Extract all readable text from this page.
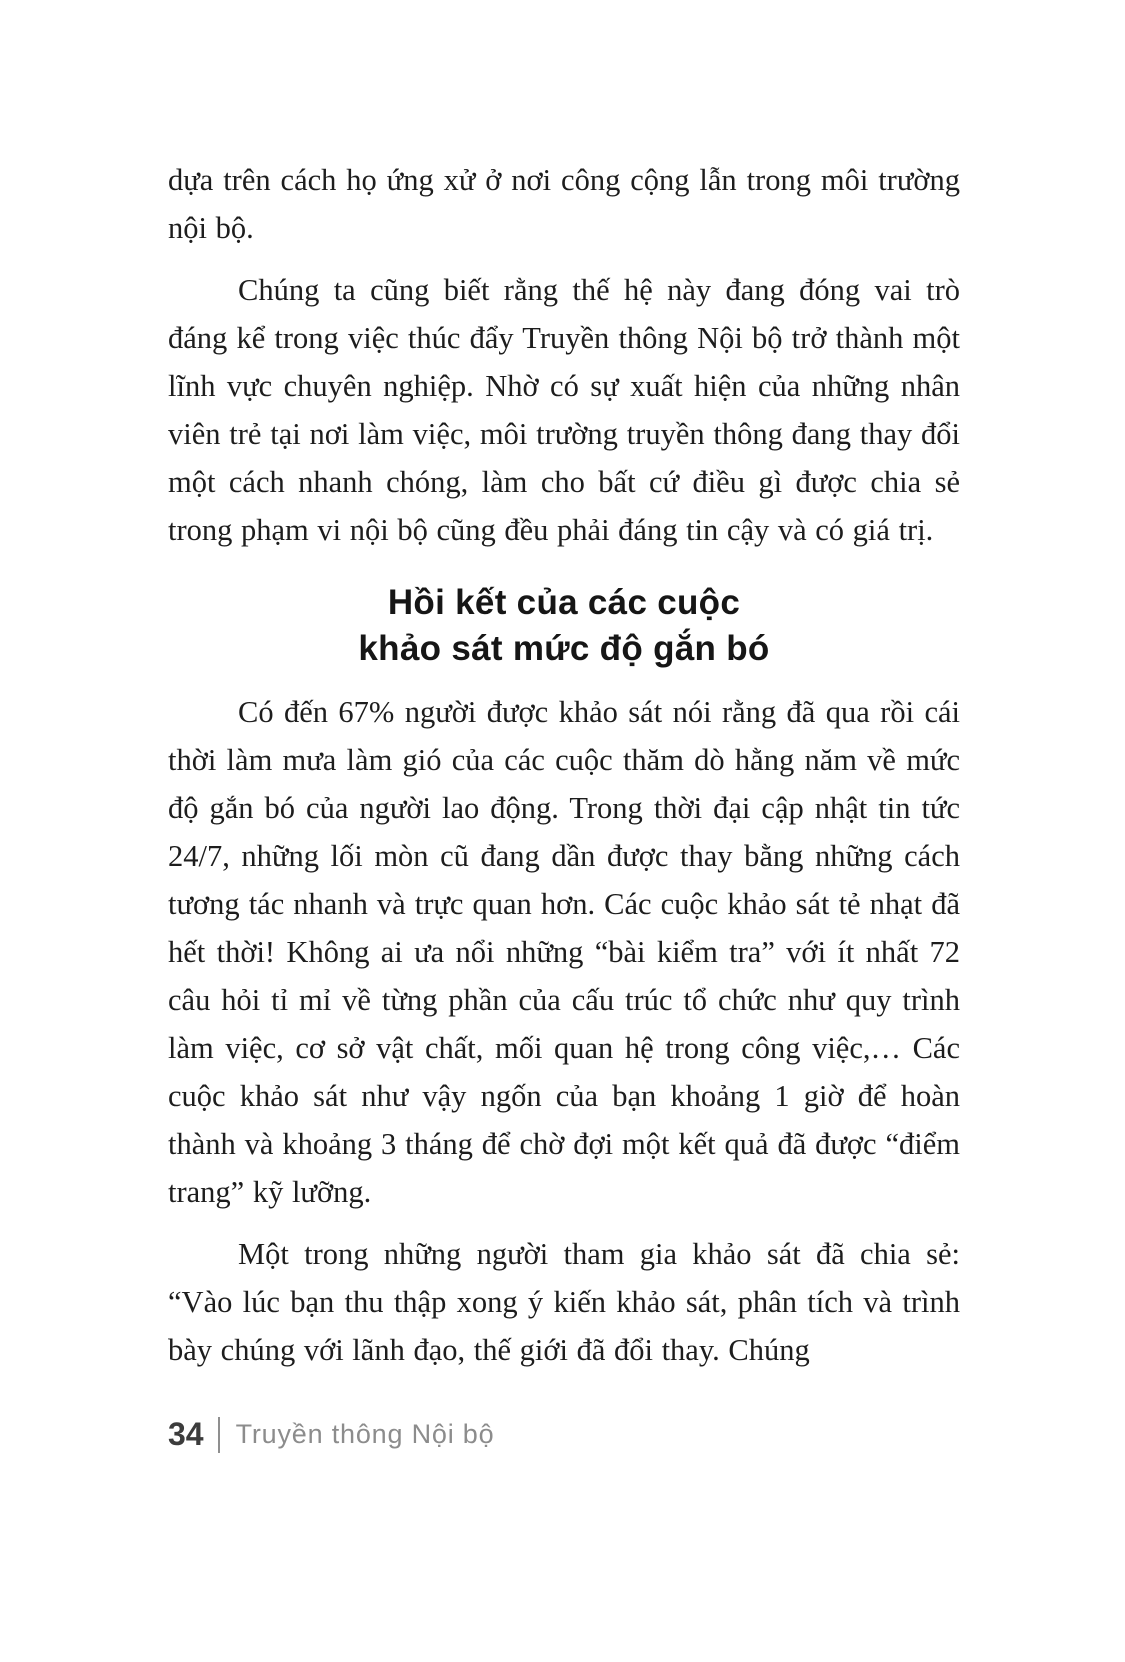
dựa trên cách họ ứng xử ở nơi công cộng lẫn trong môi trường nội bộ.

Chúng ta cũng biết rằng thế hệ này đang đóng vai trò đáng kể trong việc thúc đẩy Truyền thông Nội bộ trở thành một lĩnh vực chuyên nghiệp. Nhờ có sự xuất hiện của những nhân viên trẻ tại nơi làm việc, môi trường truyền thông đang thay đổi một cách nhanh chóng, làm cho bất cứ điều gì được chia sẻ trong phạm vi nội bộ cũng đều phải đáng tin cậy và có giá trị.

Hồi kết của các cuộc
khảo sát mức độ gắn bó

Có đến 67% người được khảo sát nói rằng đã qua rồi cái thời làm mưa làm gió của các cuộc thăm dò hằng năm về mức độ gắn bó của người lao động. Trong thời đại cập nhật tin tức 24/7, những lối mòn cũ đang dần được thay bằng những cách tương tác nhanh và trực quan hơn. Các cuộc khảo sát tẻ nhạt đã hết thời! Không ai ưa nổi những “bài kiểm tra” với ít nhất 72 câu hỏi tỉ mỉ về từng phần của cấu trúc tổ chức như quy trình làm việc, cơ sở vật chất, mối quan hệ trong công việc,… Các cuộc khảo sát như vậy ngốn của bạn khoảng 1 giờ để hoàn thành và khoảng 3 tháng để chờ đợi một kết quả đã được “điểm trang” kỹ lưỡng.

Một trong những người tham gia khảo sát đã chia sẻ: “Vào lúc bạn thu thập xong ý kiến khảo sát, phân tích và trình bày chúng với lãnh đạo, thế giới đã đổi thay. Chúng

34 Truyền thông Nội bộ
